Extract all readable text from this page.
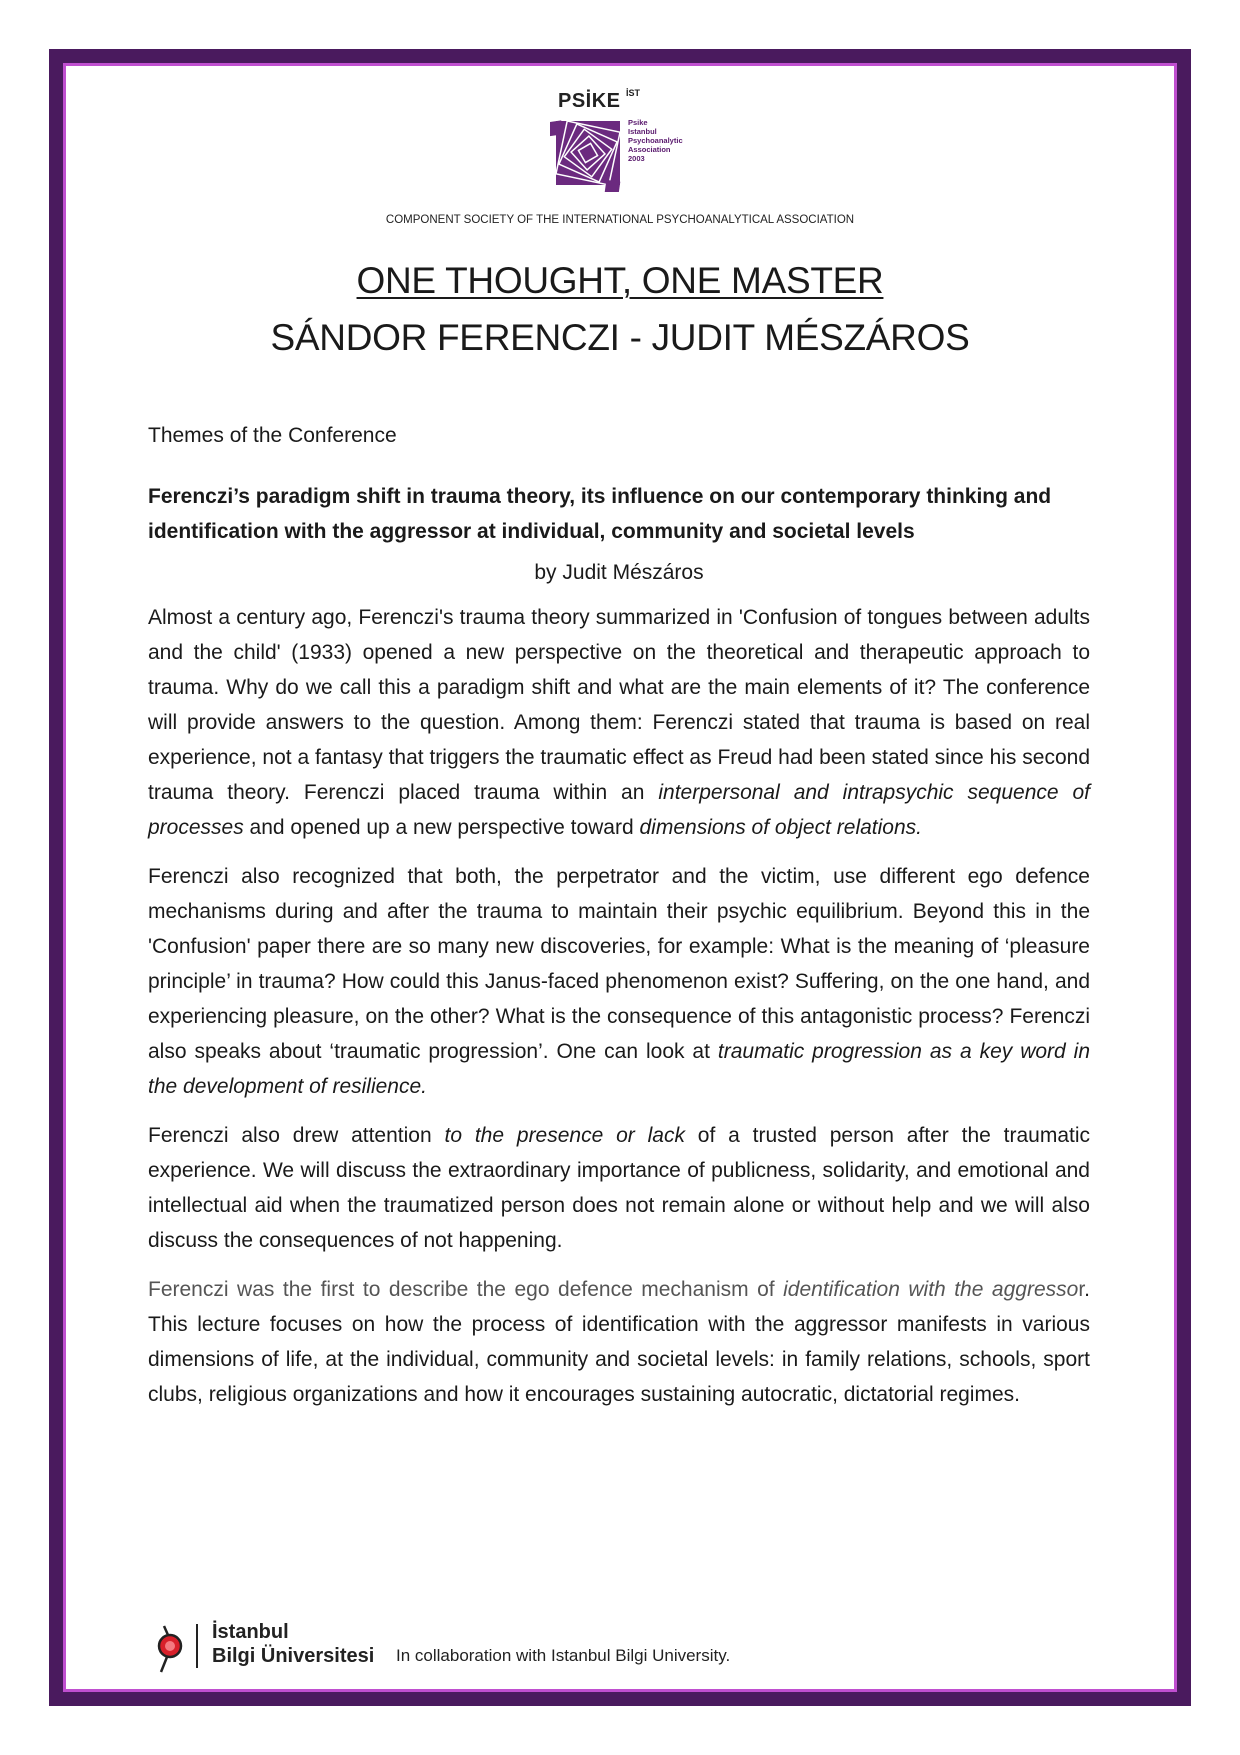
PSİKE İST
Psike
Istanbul
Psychoanalytic
Association
2003
COMPONENT SOCIETY OF THE INTERNATIONAL PSYCHOANALYTICAL ASSOCIATION
ONE THOUGHT, ONE MASTER
SÁNDOR FERENCZI - JUDIT MÉSZÁROS

Themes of the Conference

Ferenczi’s paradigm shift in trauma theory, its influence on our contemporary thinking and identification with the aggressor at individual, community and societal levels

by Judit Mészáros

Almost a century ago, Ferenczi's trauma theory summarized in 'Confusion of tongues between adults and the child' (1933) opened a new perspective on the theoretical and therapeutic approach to trauma. Why do we call this a paradigm shift and what are the main elements of it? The conference will provide answers to the question. Among them: Ferenczi stated that trauma is based on real experience, not a fantasy that triggers the traumatic effect as Freud had been stated since his second trauma theory. Ferenczi placed trauma within an interpersonal and intrapsychic sequence of processes and opened up a new perspective toward dimensions of object relations.

Ferenczi also recognized that both, the perpetrator and the victim, use different ego defence mechanisms during and after the trauma to maintain their psychic equilibrium. Beyond this in the 'Confusion' paper there are so many new discoveries, for example: What is the meaning of ‘pleasure principle’ in trauma? How could this Janus-faced phenomenon exist? Suffering, on the one hand, and experiencing pleasure, on the other? What is the consequence of this antagonistic process? Ferenczi also speaks about ‘traumatic progression’. One can look at traumatic progression as a key word in the development of resilience.

Ferenczi also drew attention to the presence or lack of a trusted person after the traumatic experience. We will discuss the extraordinary importance of publicness, solidarity, and emotional and intellectual aid when the traumatized person does not remain alone or without help and we will also discuss the consequences of not happening.

Ferenczi was the first to describe the ego defence mechanism of identification with the aggressor. This lecture focuses on how the process of identification with the aggressor manifests in various dimensions of life, at the individual, community and societal levels: in family relations, schools, sport clubs, religious organizations and how it encourages sustaining autocratic, dictatorial regimes.

İstanbul
Bilgi Üniversitesi In collaboration with Istanbul Bilgi University.
